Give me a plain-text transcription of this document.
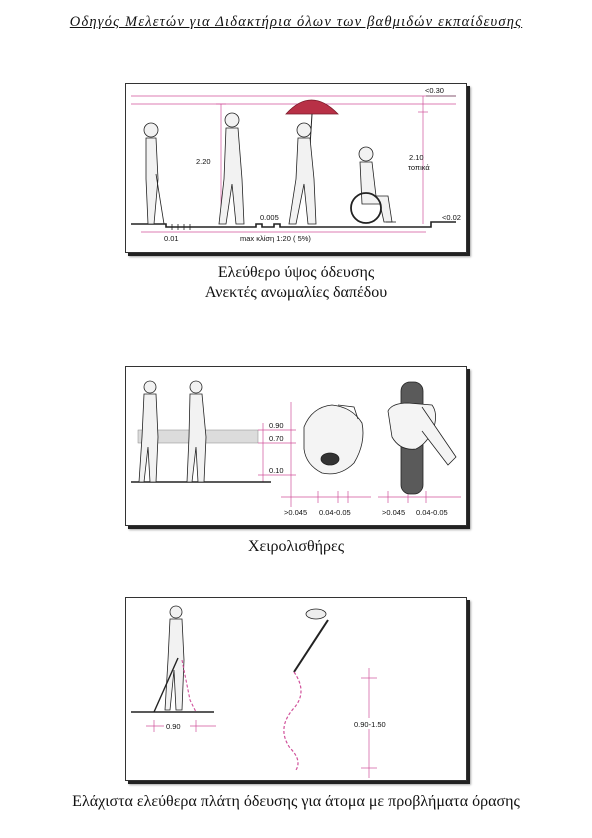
Οδηγός Μελετών για Διδακτήρια όλων των βαθμιδών εκπαίδευσης
<0.30
2.20	2.10
τοπικά
0.01
0.005
max κλίση 1:20 ( 5%)
<0.02
Ελεύθερο ύψος όδευσης
Ανεκτές ανωμαλίες δαπέδου
0.90
0.70
0.10
>0.045 0.04-0.05	>0.045 0.04-0.05
Χειρολισθήρες
0.90	0.90-1.50
Ελάχιστα ελεύθερα πλάτη όδευσης για άτομα με προβλήματα όρασης
